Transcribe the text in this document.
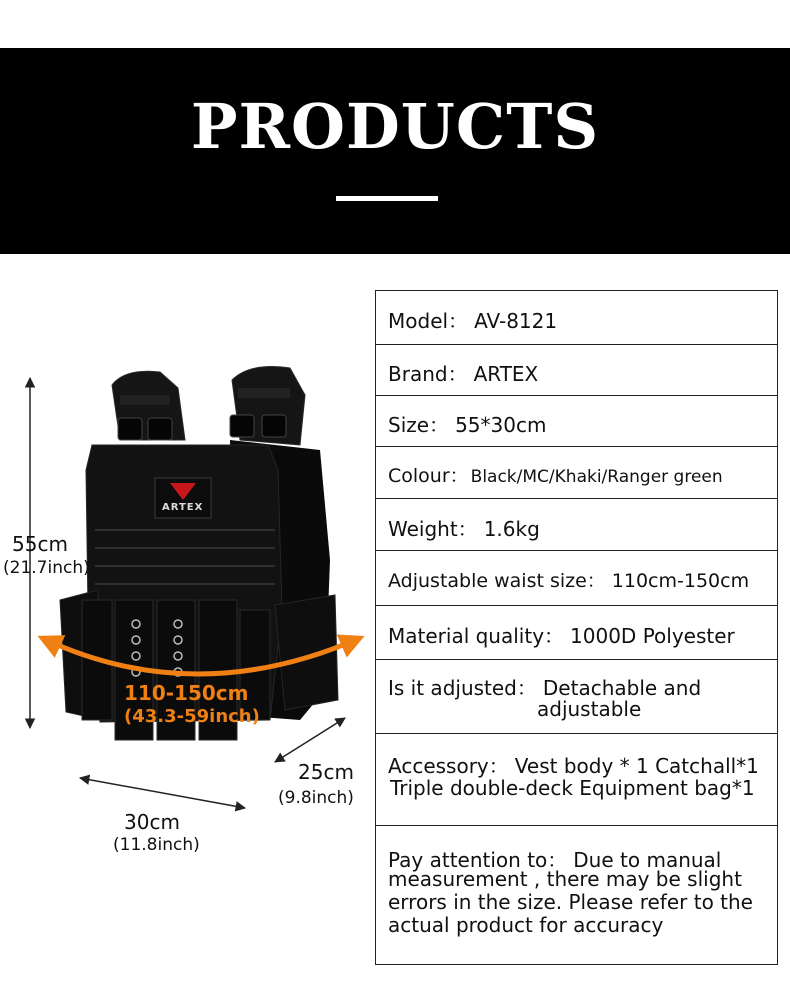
PRODUCTS
ARTEX
55cm
(21.7inch)
110-150cm
(43.3-59inch)
25cm
(9.8inch)
30cm
(11.8inch)
Model： AV-8121
Brand： ARTEX
Size： 55*30cm
Colour： Black/MC/Khaki/Ranger green
Weight： 1.6kg
Adjustable waist size： 110cm-150cm
Material quality： 1000D Polyester
Is it adjusted： Detachable and
adjustable
Accessory： Vest body * 1 Catchall*1
Triple double-deck Equipment bag*1
Pay attention to： Due to manual
measurement , there may be slight
errors in the size. Please refer to the
actual product for accuracy
